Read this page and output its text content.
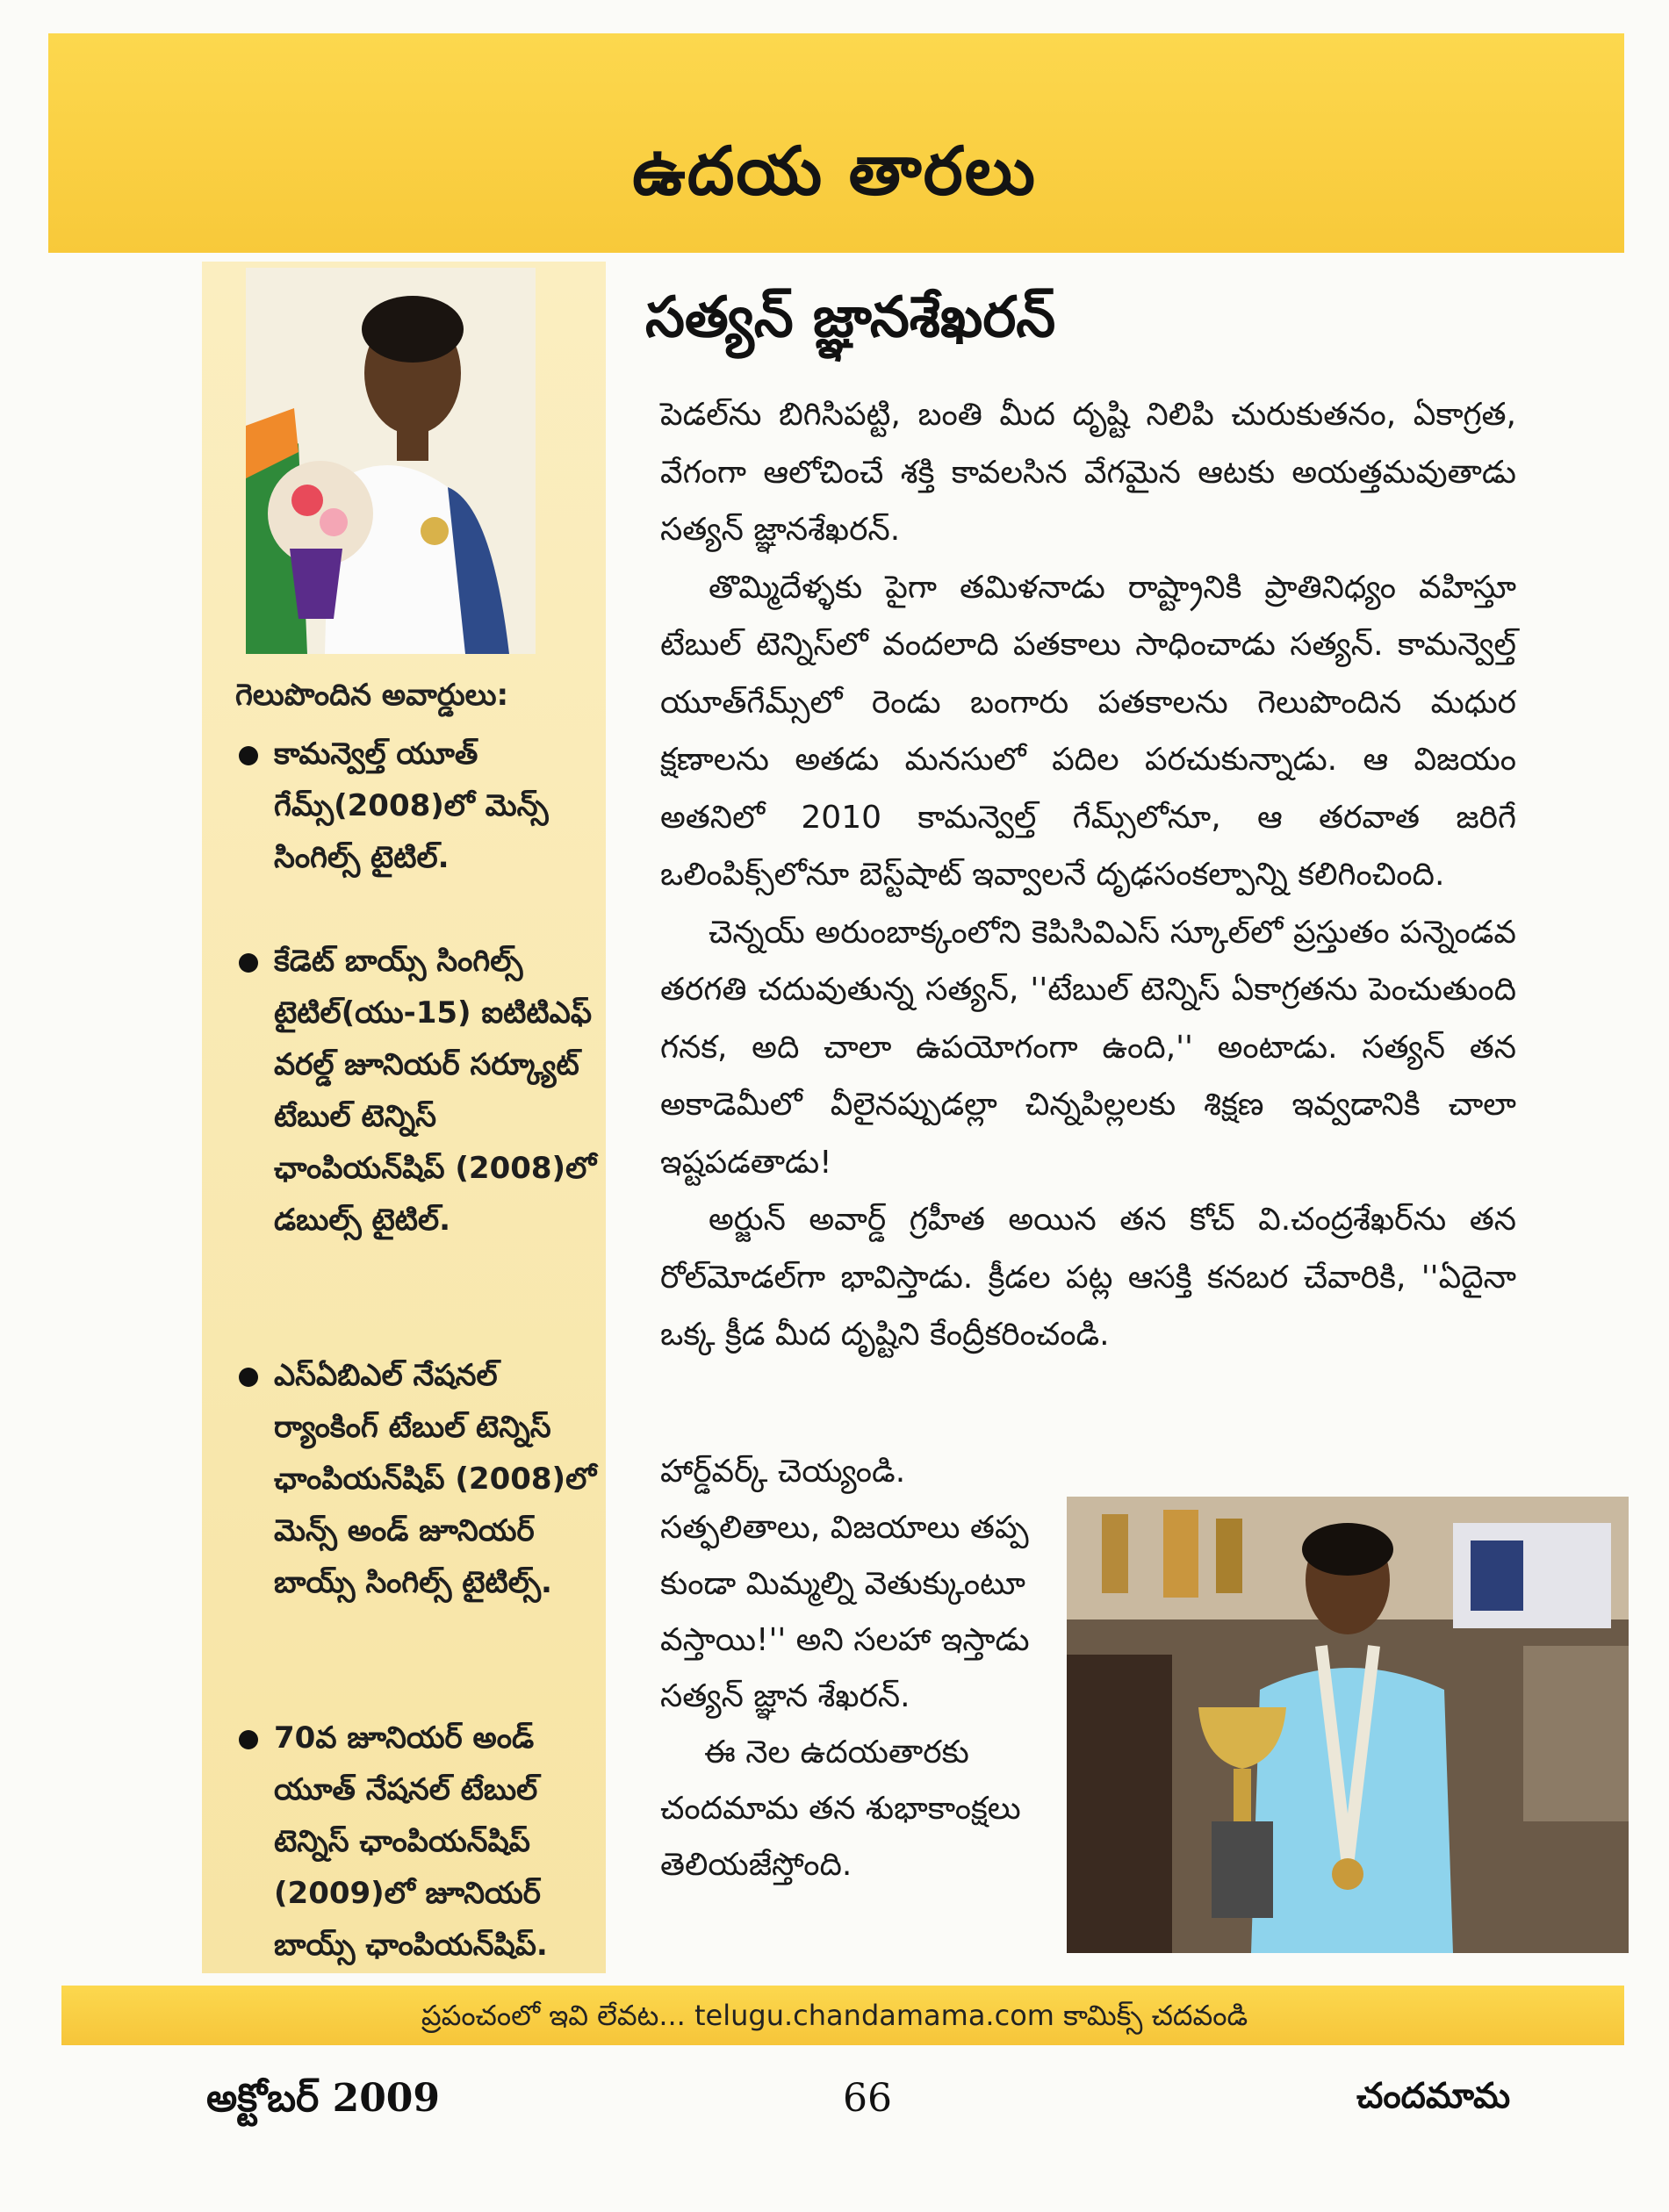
ఉదయ తారలు
గెలుపొందిన అవార్డులు:
కామన్వెల్త్ యూత్ గేమ్స్(2008)లో మెన్స్ సింగిల్స్ టైటిల్.
కేడెట్ బాయ్స్ సింగిల్స్ టైటిల్(యు-15) ఐటిటిఎఫ్ వరల్డ్ జూనియర్ సర్క్యూట్ టేబుల్ టెన్నిస్ ఛాంపియన్‌షిప్ (2008)లో డబుల్స్ టైటిల్.
ఎస్ఏబిఎల్ నేషనల్ ర్యాంకింగ్ టేబుల్ టెన్నిస్ ఛాంపియన్‌షిప్ (2008)లో మెన్స్ అండ్ జూనియర్ బాయ్స్ సింగిల్స్ టైటిల్స్.
70వ జూనియర్ అండ్ యూత్ నేషనల్ టేబుల్ టెన్నిస్ ఛాంపియన్‌షిప్ (2009)లో జూనియర్ బాయ్స్ ఛాంపియన్‌షిప్.
సత్యన్ జ్ఞానశేఖరన్

పెడల్‌ను బిగిసిపట్టి, బంతి మీద దృష్టి నిలిపి చురుకుతనం, ఏకాగ్రత, వేగంగా ఆలోచించే శక్తి కావలసిన వేగమైన ఆటకు అయత్తమవుతాడు సత్యన్ జ్ఞానశేఖరన్.

తొమ్మిదేళ్ళకు పైగా తమిళనాడు రాష్ట్రానికి ప్రాతినిధ్యం వహిస్తూ టేబుల్ టెన్నిస్‌లో వందలాది పతకాలు సాధించాడు సత్యన్. కామన్వెల్త్ యూత్‌గేమ్స్‌లో రెండు బంగారు పతకాలను గెలుపొందిన మధుర క్షణాలను అతడు మనసులో పదిల పరచుకున్నాడు. ఆ విజయం అతనిలో 2010 కామన్వెల్త్ గేమ్స్‌లోనూ, ఆ తరవాత జరిగే ఒలింపిక్స్‌లోనూ బెస్ట్‌షాట్ ఇవ్వాలనే దృఢసంకల్పాన్ని కలిగించింది.

చెన్నయ్ అరుంబాక్కంలోని కెపిసివిఎస్ స్కూల్‌లో ప్రస్తుతం పన్నెండవ తరగతి చదువుతున్న సత్యన్, ''టేబుల్ టెన్నిస్ ఏకాగ్రతను పెంచుతుంది గనక, అది చాలా ఉపయోగంగా ఉంది,'' అంటాడు. సత్యన్ తన అకాడెమీలో వీలైనప్పుడల్లా చిన్నపిల్లలకు శిక్షణ ఇవ్వడానికి చాలా ఇష్టపడతాడు!

అర్జున్ అవార్డ్ గ్రహీత అయిన తన కోచ్ వి.చంద్రశేఖర్‌ను తన రోల్‌మోడల్‌గా భావిస్తాడు. క్రీడల పట్ల ఆసక్తి కనబర చేవారికి, ''ఏదైనా ఒక్క క్రీడ మీద దృష్టిని కేంద్రీకరించండి.

హార్డ్‌వర్క్ చెయ్యండి. సత్ఫలితాలు, విజయాలు తప్ప కుండా మిమ్మల్ని వెతుక్కుంటూ వస్తాయి!'' అని సలహా ఇస్తాడు సత్యన్ జ్ఞాన శేఖరన్.

ఈ నెల ఉదయతారకు చందమామ తన శుభాకాంక్షలు తెలియజేస్తోంది.

ప్రపంచంలో ఇవి లేవట... telugu.chandamama.com కామిక్స్ చదవండి
అక్టోబర్ 2009	66	చందమామ
